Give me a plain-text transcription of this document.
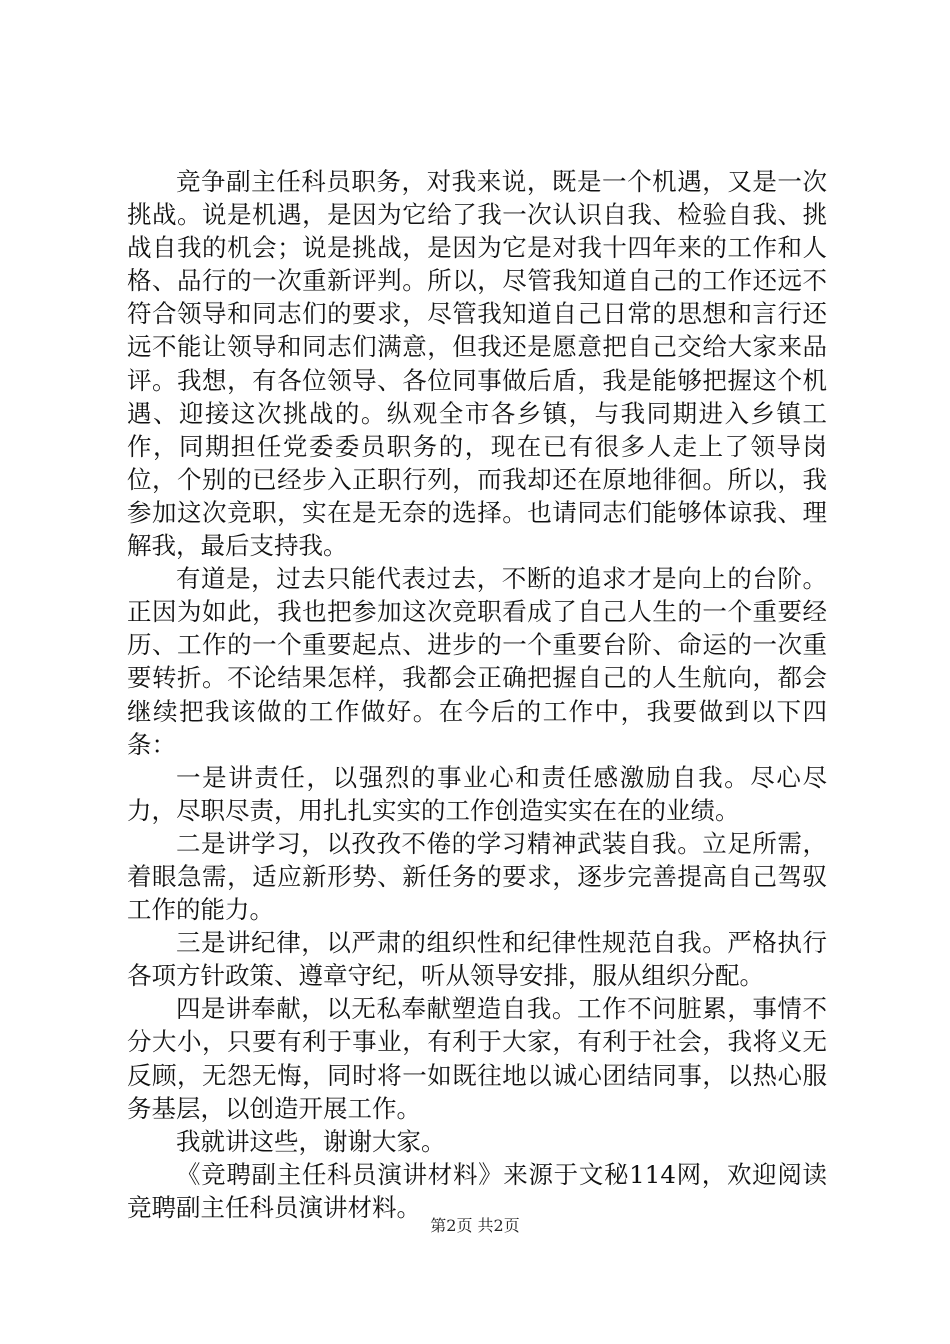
竞争副主任科员职务，对我来说，既是一个机遇，又是一次挑战。说是机遇，是因为它给了我一次认识自我、检验自我、挑战自我的机会；说是挑战，是因为它是对我十四年来的工作和人格、品行的一次重新评判。所以，尽管我知道自己的工作还远不符合领导和同志们的要求，尽管我知道自己日常的思想和言行还远不能让领导和同志们满意，但我还是愿意把自己交给大家来品评。我想，有各位领导、各位同事做后盾，我是能够把握这个机遇、迎接这次挑战的。纵观全市各乡镇，与我同期进入乡镇工作，同期担任党委委员职务的，现在已有很多人走上了领导岗位，个别的已经步入正职行列，而我却还在原地徘徊。所以，我参加这次竞职，实在是无奈的选择。也请同志们能够体谅我、理解我，最后支持我。

有道是，过去只能代表过去，不断的追求才是向上的台阶。正因为如此，我也把参加这次竞职看成了自己人生的一个重要经历、工作的一个重要起点、进步的一个重要台阶、命运的一次重要转折。不论结果怎样，我都会正确把握自己的人生航向，都会继续把我该做的工作做好。在今后的工作中，我要做到以下四条：

一是讲责任，以强烈的事业心和责任感激励自我。尽心尽力，尽职尽责，用扎扎实实的工作创造实实在在的业绩。

二是讲学习，以孜孜不倦的学习精神武装自我。立足所需，着眼急需，适应新形势、新任务的要求，逐步完善提高自己驾驭工作的能力。

三是讲纪律，以严肃的组织性和纪律性规范自我。严格执行各项方针政策、遵章守纪，听从领导安排，服从组织分配。

四是讲奉献，以无私奉献塑造自我。工作不问脏累，事情不分大小，只要有利于事业，有利于大家，有利于社会，我将义无反顾，无怨无悔，同时将一如既往地以诚心团结同事，以热心服务基层，以创造开展工作。

我就讲这些，谢谢大家。

《竞聘副主任科员演讲材料》来源于文秘114网，欢迎阅读竞聘副主任科员演讲材料。

第2页 共2页
